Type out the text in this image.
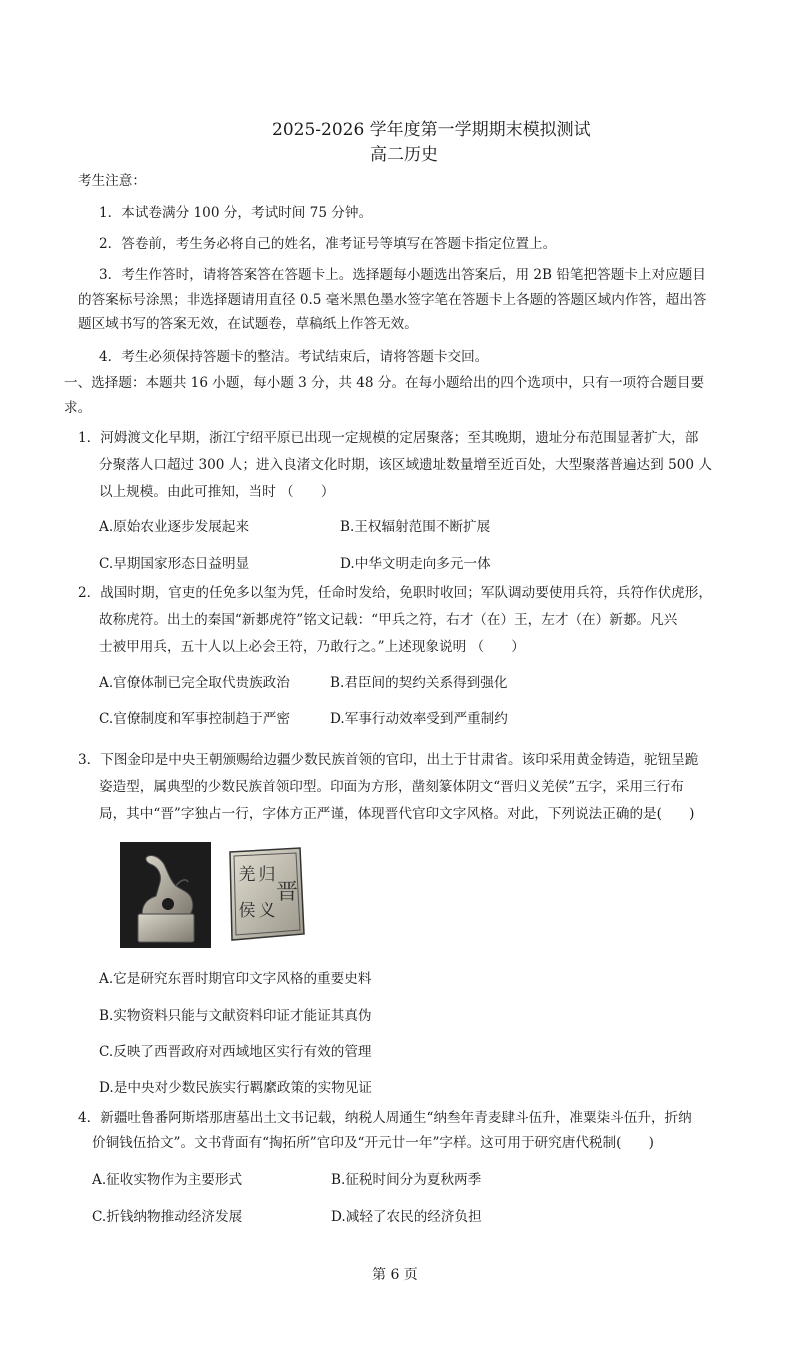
2025-2026 学年度第一学期期末模拟测试
高二历史
考生注意：
1．本试卷满分 100 分，考试时间 75 分钟。
2．答卷前，考生务必将自己的姓名，准考证号等填写在答题卡指定位置上。
3．考生作答时，请将答案答在答题卡上。选择题每小题选出答案后，用 2B 铅笔把答题卡上对应题目
的答案标号涂黑；非选择题请用直径 0.5 毫米黑色墨水签字笔在答题卡上各题的答题区域内作答，超出答
题区域书写的答案无效，在试题卷，草稿纸上作答无效。
4．考生必须保持答题卡的整洁。考试结束后，请将答题卡交回。
一、选择题：本题共 16 小题，每小题 3 分，共 48 分。在每小题给出的四个选项中，只有一项符合题目要
求。
1．河姆渡文化早期，浙江宁绍平原已出现一定规模的定居聚落；至其晚期，遗址分布范围显著扩大，部
分聚落人口超过 300 人；进入良渚文化时期，该区域遗址数量增至近百处，大型聚落普遍达到 500 人
以上规模。由此可推知，当时 （　　）
A.原始农业逐步发展起来	B.王权辐射范围不断扩展
C.早期国家形态日益明显	D.中华文明走向多元一体
2．战国时期，官吏的任免多以玺为凭，任命时发给，免职时收回；军队调动要使用兵符，兵符作伏虎形，
故称虎符。出土的秦国“新郪虎符”铭文记载：“甲兵之符，右才（在）王，左才（在）新郪。凡兴
士被甲用兵，五十人以上必会王符，乃敢行之。”上述现象说明 （　　）
A.官僚体制已完全取代贵族政治	B.君臣间的契约关系得到强化
C.官僚制度和军事控制趋于严密	D.军事行动效率受到严重制约
3．下图金印是中央王朝颁赐给边疆少数民族首领的官印，出土于甘肃省。该印采用黄金铸造，驼钮呈跪
姿造型，属典型的少数民族首领印型。印面为方形，凿刻篆体阴文“晋归义羌侯”五字，采用三行布
局，其中“晋”字独占一行，字体方正严谨，体现晋代官印文字风格。对此，下列说法正确的是(　　)
晋
归
义
羌
侯
A.它是研究东晋时期官印文字风格的重要史料
B.实物资料只能与文献资料印证才能证其真伪
C.反映了西晋政府对西域地区实行有效的管理
D.是中央对少数民族实行羁縻政策的实物见证
4．新疆吐鲁番阿斯塔那唐墓出土文书记载，纳税人周通生“纳叁年青麦肆斗伍升，准粟柒斗伍升，折纳
价铜钱伍拾文”。文书背面有“掏拓所”官印及“开元廿一年”字样。这可用于研究唐代税制(　　)
A.征收实物作为主要形式	B.征税时间分为夏秋两季
C.折钱纳物推动经济发展	D.减轻了农民的经济负担
第 6 页
